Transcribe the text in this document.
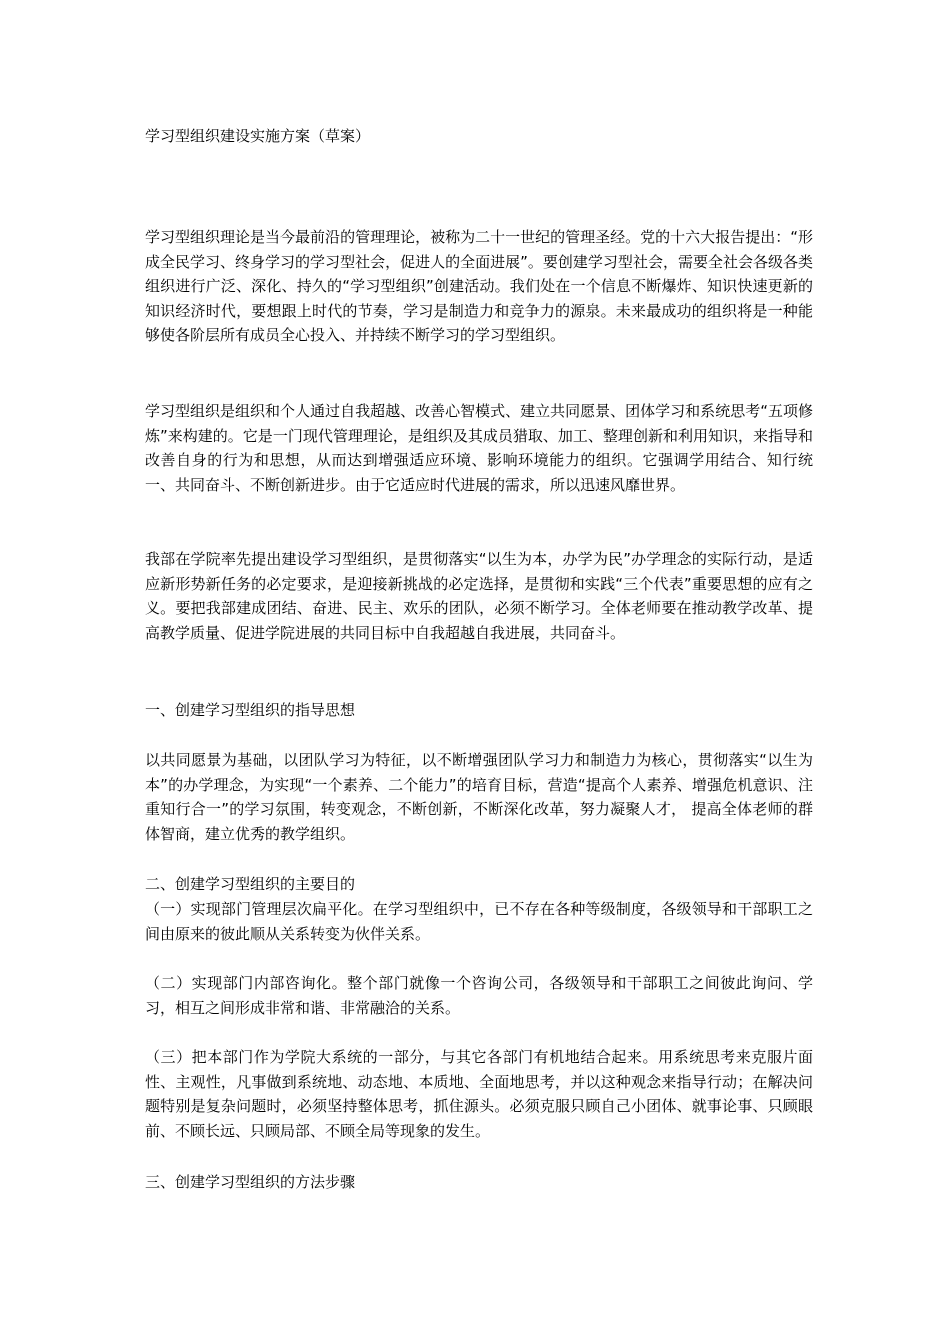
学习型组织建设实施方案（草案）

学习型组织理论是当今最前沿的管理理论，被称为二十一世纪的管理圣经。党的十六大报告提出：“形成全民学习、终身学习的学习型社会，促进人的全面进展”。要创建学习型社会，需要全社会各级各类组织进行广泛、深化、持久的“学习型组织”创建活动。我们处在一个信息不断爆炸、知识快速更新的知识经济时代，要想跟上时代的节奏，学习是制造力和竞争力的源泉。未来最成功的组织将是一种能够使各阶层所有成员全心投入、并持续不断学习的学习型组织。

学习型组织是组织和个人通过自我超越、改善心智模式、建立共同愿景、团体学习和系统思考“五项修炼”来构建的。它是一门现代管理理论，是组织及其成员猎取、加工、整理创新和利用知识，来指导和改善自身的行为和思想，从而达到增强适应环境、影响环境能力的组织。它强调学用结合、知行统一、共同奋斗、不断创新进步。由于它适应时代进展的需求，所以迅速风靡世界。

我部在学院率先提出建设学习型组织，是贯彻落实“以生为本，办学为民”办学理念的实际行动，是适应新形势新任务的必定要求，是迎接新挑战的必定选择，是贯彻和实践“三个代表”重要思想的应有之义。要把我部建成团结、奋进、民主、欢乐的团队，必须不断学习。全体老师要在推动教学改革、提高教学质量、促进学院进展的共同目标中自我超越自我进展，共同奋斗。

一、创建学习型组织的指导思想

以共同愿景为基础，以团队学习为特征，以不断增强团队学习力和制造力为核心，贯彻落实“以生为本”的办学理念，为实现“一个素养、二个能力”的培育目标，营造“提高个人素养、增强危机意识、注重知行合一”的学习氛围，转变观念，不断创新，不断深化改革，努力凝聚人才， 提高全体老师的群体智商，建立优秀的教学组织。

二、创建学习型组织的主要目的

（一）实现部门管理层次扁平化。在学习型组织中，已不存在各种等级制度，各级领导和干部职工之间由原来的彼此顺从关系转变为伙伴关系。

（二）实现部门内部咨询化。整个部门就像一个咨询公司，各级领导和干部职工之间彼此询问、学习，相互之间形成非常和谐、非常融洽的关系。

（三）把本部门作为学院大系统的一部分，与其它各部门有机地结合起来。用系统思考来克服片面性、主观性，凡事做到系统地、动态地、本质地、全面地思考，并以这种观念来指导行动；在解决问题特别是复杂问题时，必须坚持整体思考，抓住源头。必须克服只顾自己小团体、就事论事、只顾眼前、不顾长远、只顾局部、不顾全局等现象的发生。

三、创建学习型组织的方法步骤
